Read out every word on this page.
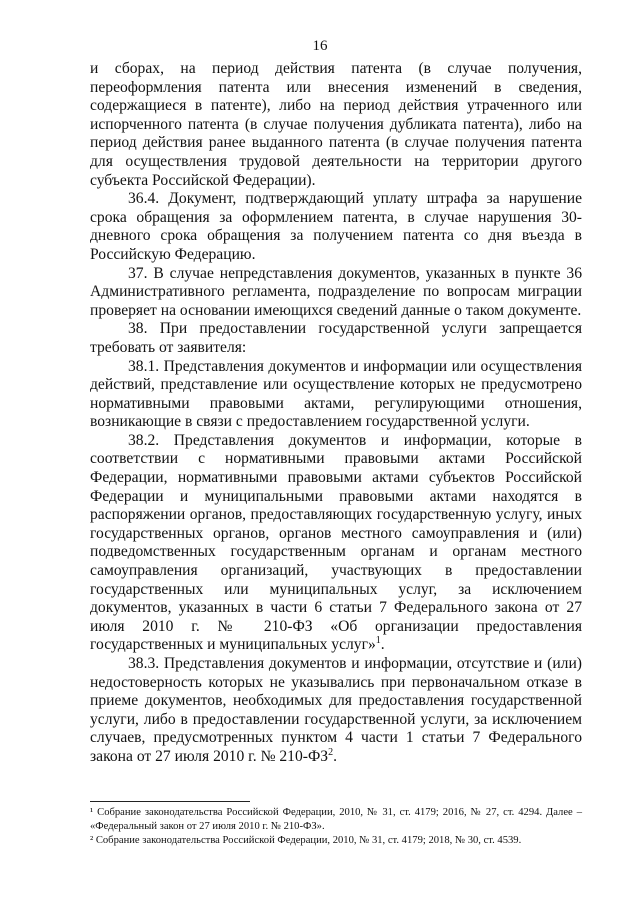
16

и сборах, на период действия патента (в случае получения, переоформления патента или внесения изменений в сведения, содержащиеся в патенте), либо на период действия утраченного или испорченного патента (в случае получения дубликата патента), либо на период действия ранее выданного патента (в случае получения патента для осуществления трудовой деятельности на территории другого субъекта Российской Федерации).

36.4. Документ, подтверждающий уплату штрафа за нарушение срока обращения за оформлением патента, в случае нарушения 30-дневного срока обращения за получением патента со дня въезда в Российскую Федерацию.

37. В случае непредставления документов, указанных в пункте 36 Административного регламента, подразделение по вопросам миграции проверяет на основании имеющихся сведений данные о таком документе.

38. При предоставлении государственной услуги запрещается требовать от заявителя:

38.1. Представления документов и информации или осуществления действий, представление или осуществление которых не предусмотрено нормативными правовыми актами, регулирующими отношения, возникающие в связи с предоставлением государственной услуги.

38.2. Представления документов и информации, которые в соответствии с нормативными правовыми актами Российской Федерации, нормативными правовыми актами субъектов Российской Федерации и муниципальными правовыми актами находятся в распоряжении органов, предоставляющих государственную услугу, иных государственных органов, органов местного самоуправления и (или) подведомственных государственным органам и органам местного самоуправления организаций, участвующих в предоставлении государственных или муниципальных услуг, за исключением документов, указанных в части 6 статьи 7 Федерального закона от 27 июля 2010 г. № 210-ФЗ «Об организации предоставления государственных и муниципальных услуг»$^1$.

38.3. Представления документов и информации, отсутствие и (или) недостоверность которых не указывались при первоначальном отказе в приеме документов, необходимых для предоставления государственной услуги, либо в предоставлении государственной услуги, за исключением случаев, предусмотренных пунктом 4 части 1 статьи 7 Федерального закона от 27 июля 2010 г. № $210-ФЗ^2$.

¹ Собрание законодательства Российской Федерации, 2010, № 31, ст. 4179; 2016, № 27, ст. 4294. Далее – «Федеральный закон от 27 июля 2010 г. № 210-ФЗ».

² Собрание законодательства Российской Федерации, 2010, № 31, ст. 4179; 2018, № 30, ст. 4539.
